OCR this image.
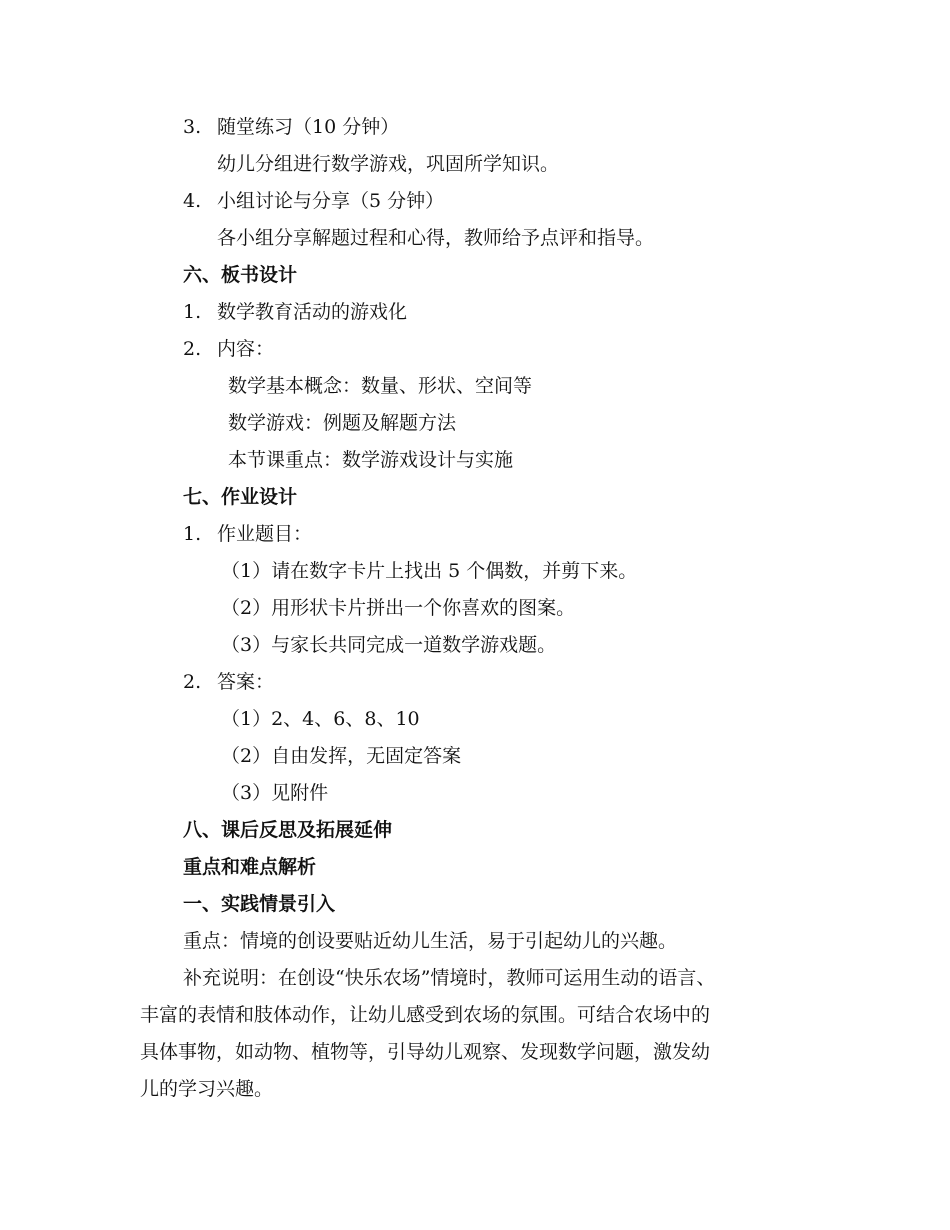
3. 随堂练习（10 分钟）
幼儿分组进行数学游戏，巩固所学知识。
4. 小组讨论与分享（5 分钟）
各小组分享解题过程和心得，教师给予点评和指导。
六、板书设计
1. 数学教育活动的游戏化
2. 内容：
数学基本概念：数量、形状、空间等
数学游戏：例题及解题方法
本节课重点：数学游戏设计与实施
七、作业设计
1. 作业题目：
（1）请在数字卡片上找出 5 个偶数，并剪下来。
（2）用形状卡片拼出一个你喜欢的图案。
（3）与家长共同完成一道数学游戏题。
2. 答案：
（1）2、4、6、8、10
（2）自由发挥，无固定答案
（3）见附件
八、课后反思及拓展延伸
重点和难点解析
一、实践情景引入
重点：情境的创设要贴近幼儿生活，易于引起幼儿的兴趣。
补充说明：在创设“快乐农场”情境时，教师可运用生动的语言、
丰富的表情和肢体动作，让幼儿感受到农场的氛围。可结合农场中的
具体事物，如动物、植物等，引导幼儿观察、发现数学问题，激发幼
儿的学习兴趣。
